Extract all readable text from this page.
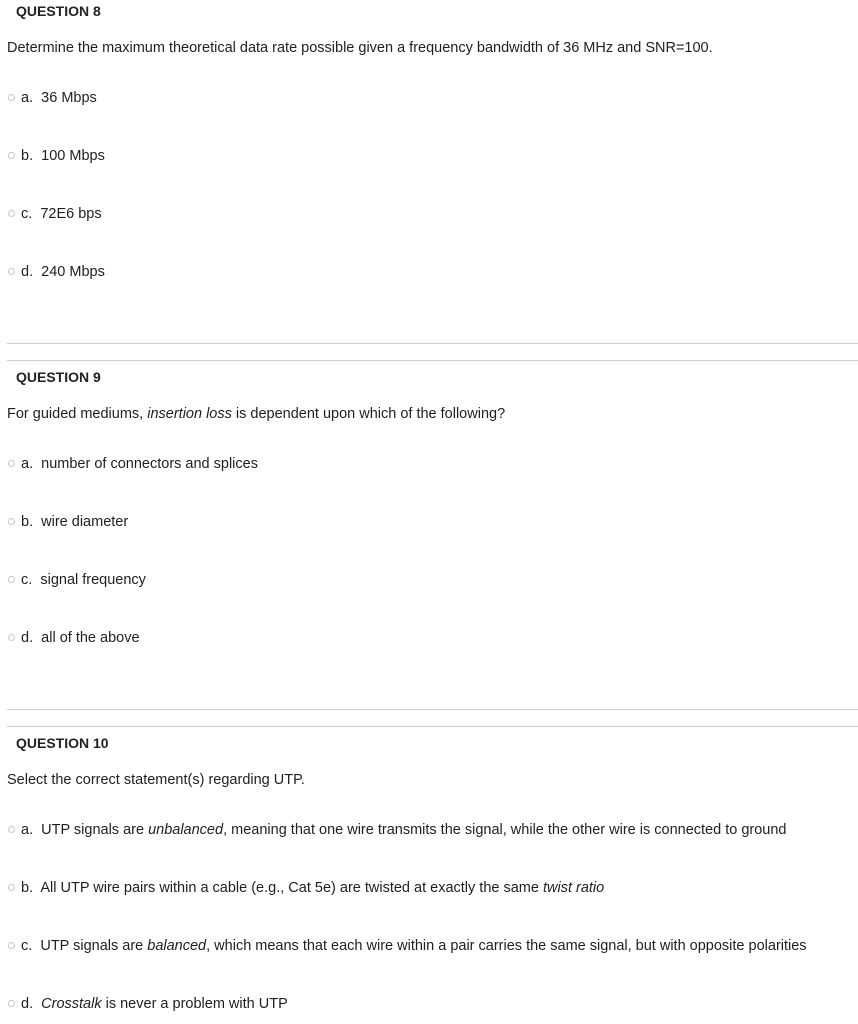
QUESTION 8
Determine the maximum theoretical data rate possible given a frequency bandwidth of 36 MHz and SNR=100.
a. 36 Mbps
b. 100 Mbps
c. 72E6 bps
d. 240 Mbps
QUESTION 9
For guided mediums, insertion loss is dependent upon which of the following?
a. number of connectors and splices
b. wire diameter
c.  signal frequency
d. all of the above
QUESTION 10
Select the correct statement(s) regarding UTP.
a. UTP signals are unbalanced, meaning that one wire transmits the signal, while the other wire is connected to ground
b. All UTP wire pairs within a cable (e.g., Cat 5e) are twisted at exactly the same twist ratio
c. UTP signals are balanced, which means that each wire within a pair carries the same signal, but with opposite polarities
d. Crosstalk is never a problem with UTP
